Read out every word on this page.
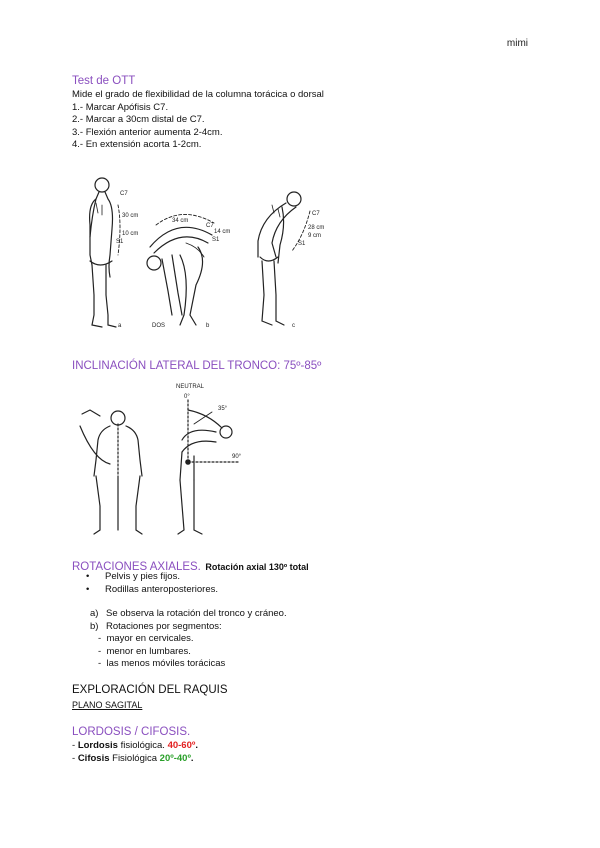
mimi
Test de OTT
Mide el grado de flexibilidad de la columna torácica o dorsal
1.- Marcar Apófisis C7.
2.- Marcar a 30cm distal de C7.
3.- Flexión anterior aumenta 2-4cm.
4.- En extensión acorta 1-2cm.
C7
30 cm
S1
10 cm
34 cm
C7
S1
14 cm
DOS
C7
28 cm
S1
9 cm
a	b	c
INCLINACIÓN LATERAL DEL TRONCO: 75º-85º
NEUTRAL
0°
35°
90°
ROTACIONES AXIALES. Rotación axial 130º total
• Pelvis y pies fijos.
• Rodillas anteroposteriores.
a) Se observa la rotación del tronco y cráneo.
b) Rotaciones por segmentos:
- mayor en cervicales.
- menor en lumbares.
- las menos móviles torácicas
EXPLORACIÓN DEL RAQUIS
PLANO SAGITAL
LORDOSIS / CIFOSIS.
- Lordosis fisiológica. 40-60º.
- Cifosis Fisiológica 20º-40º.
